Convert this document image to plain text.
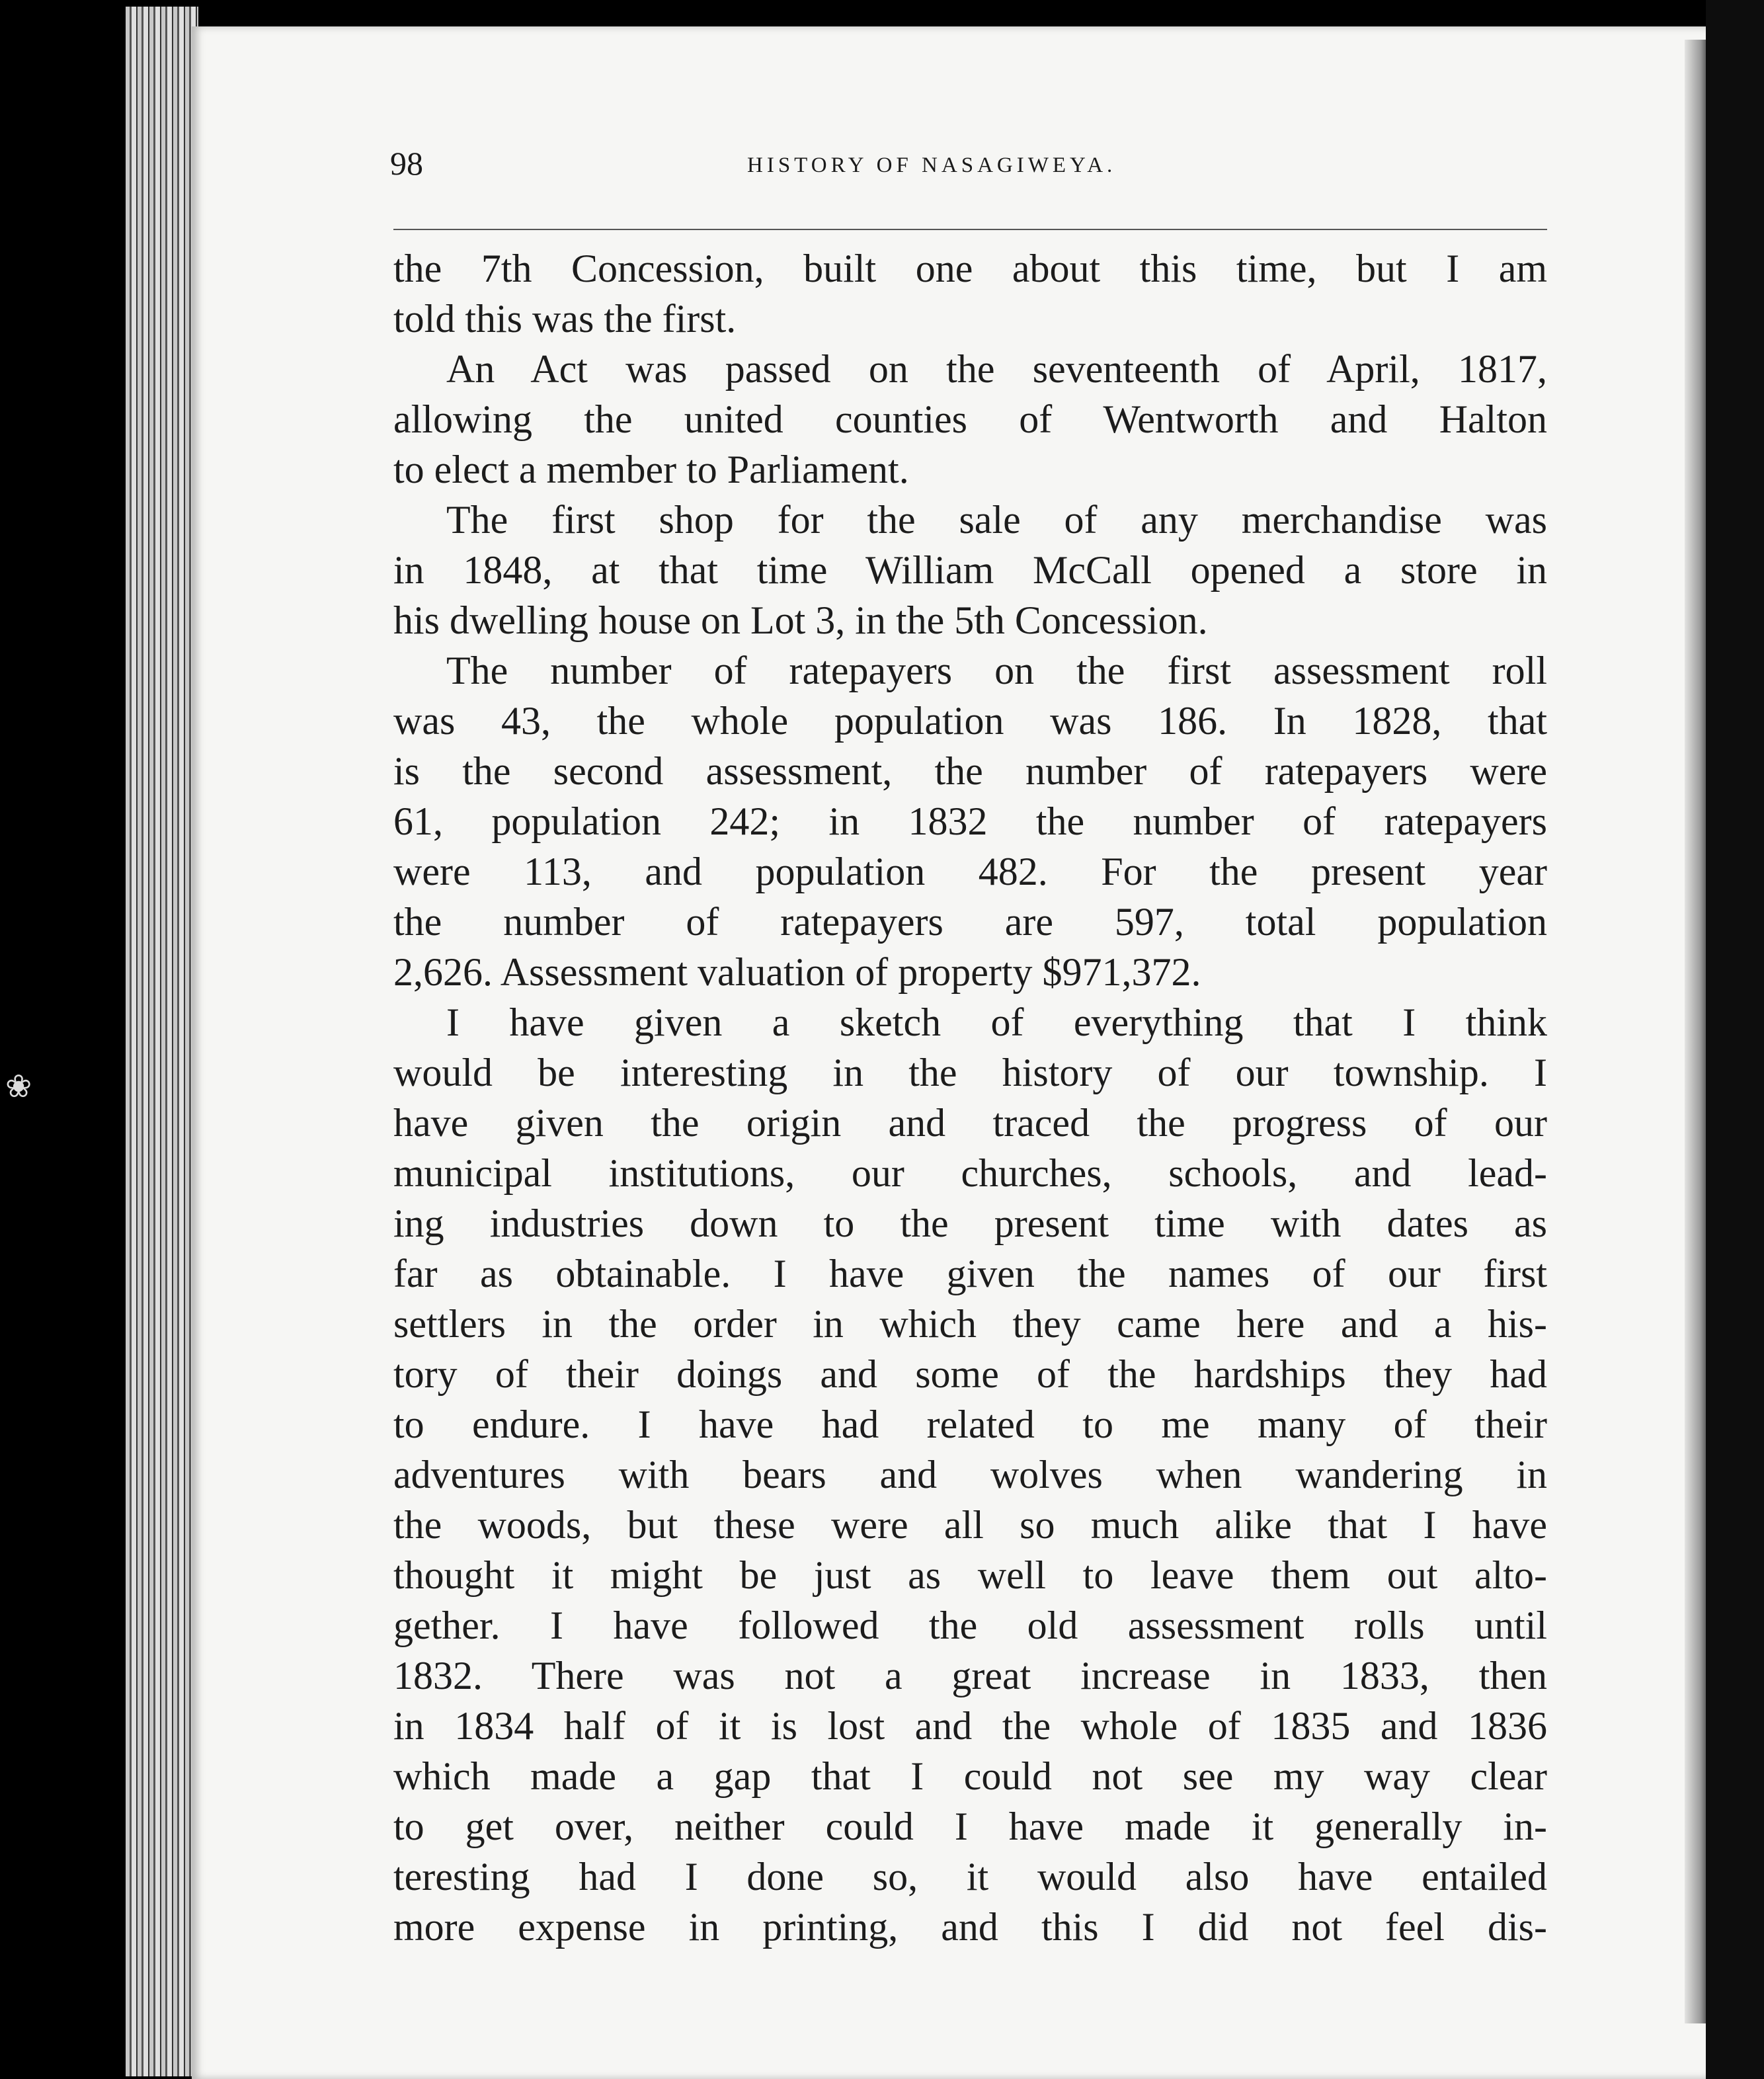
98	HISTORY OF NASAGIWEYA.
the 7th Concession, built one about this time, but I am
told this was the first.
An Act was passed on the seventeenth of April, 1817,
allowing the united counties of Wentworth and Halton
to elect a member to Parliament.
The first shop for the sale of any merchandise was
in 1848, at that time William McCall opened a store in
his dwelling house on Lot 3, in the 5th Concession.
The number of ratepayers on the first assessment roll
was 43, the whole population was 186. In 1828, that
is the second assessment, the number of ratepayers were
61, population 242; in 1832 the number of ratepayers
were 113, and population 482. For the present year
the number of ratepayers are 597, total population
2,626. Assessment valuation of property $971,372.
I have given a sketch of everything that I think
would be interesting in the history of our township. I
have given the origin and traced the progress of our
municipal institutions, our churches, schools, and lead-
ing industries down to the present time with dates as
far as obtainable. I have given the names of our first
settlers in the order in which they came here and a his-
tory of their doings and some of the hardships they had
to endure. I have had related to me many of their
adventures with bears and wolves when wandering in
the woods, but these were all so much alike that I have
thought it might be just as well to leave them out alto-
gether. I have followed the old assessment rolls until
1832. There was not a great increase in 1833, then
in 1834 half of it is lost and the whole of 1835 and 1836
which made a gap that I could not see my way clear
to get over, neither could I have made it generally in-
teresting had I done so, it would also have entailed
more expense in printing, and this I did not feel dis-
❀
